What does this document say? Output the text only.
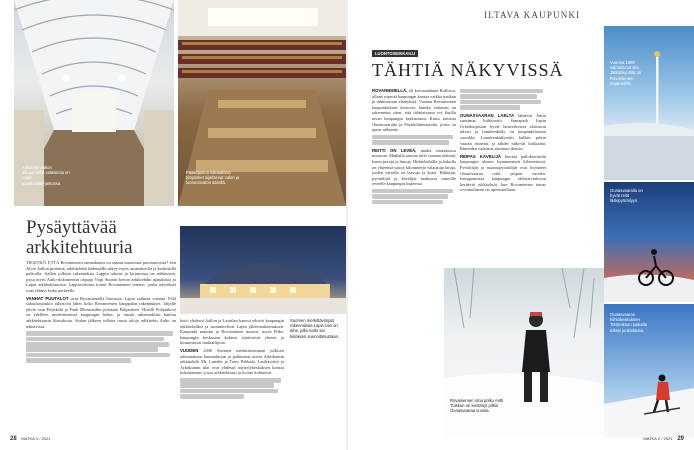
Arkkitehti Aallon alkuperäisiä valaisimia on Lapin maakuntakirjastossa.
Pääkirjaston lukusalissa työpisteet sijaitsevat valon ja luonnonvalon äärellä.
Pysäyttävää
arkkitehtuuria

TIESITKÖ, ETTÄ Rovaniemen asemakaava on saanut muotonsa poronsarvista? Sen Alvar Aallon piirtämä, arkkitehdin kädenjälki näkyy myös asuinalueilla ja keskeisillä paikoilla. Aallon julkisia rakennuksia Lappia talossa ja kirjastossa on nähtävissä, jossa myös Aalto-dokumentin ohjaaja Virpi Suutari kertoo arkkitehdin ajatuksista ja Lapin arkkitehtuurista. Lappia-talossa toimii Rovaniemen teatteri, jonka näytökset ovat elämys koko perheelle.

VANHAT PUUTALOT ovat Rovaniemellä harvassa. Lapin sodassa vuonna 1944 saksalaisjoukot tuhosivat lähes koko Rovaniemen kauppalan rakennukset. Jäljelle jäivät vain Pöykkölä ja Pauli Blomstedtin piirtämä Pohjanhovi. Hotelli Pohjanhovi on edelleen modernisteista kaupungin helmi, ja uusiin rakennuksiin kuuluu arkkitehtuurin klassikoita. Sodan jälkeen tulleita uusia taloja arkkitehti Aalto on nähtävissä.

Suomen merkittävimpiä rakennuksia Lapin talo on aihe, jolla Aalto sai kiitoksen suunnittelustaan.

kistö yhdessä Aallon ja Laurilan kanssa tekivät kaupungin arkkitehdiksi ja suunnittelivat Lapin jälleenrakennuksen. Kaupunki muuttui ja Rovaniemen museot, myös Pilke, kaupungin keskustan kohteet sijoittuivat yhteen ja kiinnostavat matkailijoita.

VUODEN 2006 Suomen merkittävimmän julkisen rakennuksen kunniakirjan ja palkinnon saivat Arktikumin arkkitehdit Mr. Lundén ja Tomi Pekkala. Lasikäytävä ja Arktikumin tilat ovat yhdessä näyttelykeskuksen kanssa kokonaisuus, jossa arkkitehtuuri ja luonto kohtaavat.

28 MATKA V / 2021
ILTAVA KAUPUNKI
LUONTOSEIKKAILU
TÄHTIÄ NÄKYVISSÄ

ROVANIEMELLÄ, eli koronaaikana Rollossa, ollaan yöpeitä kaupungin kanssa vaikka matkan ja tähtitaivaan elämyksiä. Vuonna Rovaniemen kaupunkilaiset kertovat, kuinka valaistus on rakennettu siten, että tähtitaivasta voi ihailla aivan kaupungin keskustasta. Katso taivasta Ounasvaaralta ja Pöykkölänvaaralta, joista on upeat näkymät.

REITTI ON LEVEÄ, matka varauksissa nousuun. Matkalla saattaa tulla vastaan eläimiä, kuten poroja ja lintuja. Hiihtoladuilla ja laduilla on yhteensä satoja kilometrejä valaistuja latuja, joiden varrella on laavuja ja kotia. Hiihtäjät, pyöräilijät ja kävelijät mahtuvat samoille reiteille kaupungin kupeessa.

OUNASVAARAN LAELTA lähtevät Antin suosimat hiihtoreitit. Santapark Lapin Urheiluopiston hyvät latuverkostot aloittavat talven ja lumikenkäily on kaupunkilaisten suosikki. Lumikenkäilyreitti kulkee pitkin vaaran rinnettä, ja tähdet näkyvät kirkkaina. Rinteiden valaistus sammuu iltaisin.

REIPAS KÄVELIJÄ kiertää pallokiertävän kaupungin alueen kymmenessä kilometrissä. Pyöräilijät ja maastopyöräilijät ovat löytäneet Ounasvaaran reitit ympäri vuoden. Instagramissa kaupungin tähtitaivaskuvat keräävät tykkäyksiä, kun Rovaniemen taivas revontulineen on upeimmillaan.

Vuonna 1989 valmistunut sila Jätkänkynttilä on Rovaniemen maamerkki.
Ounasvaaralla on hyvät reitit läskipyöräilyyn.
Rovaniemen oma polku Antti Tuiskun on kiertänyt pitkin Ounasvaaraa vuosia.
Ounasvaaran hiihtokeskuksen Tottoraksun paikalla mitsei jonkinlaista.
MATKA V / 2021 29
